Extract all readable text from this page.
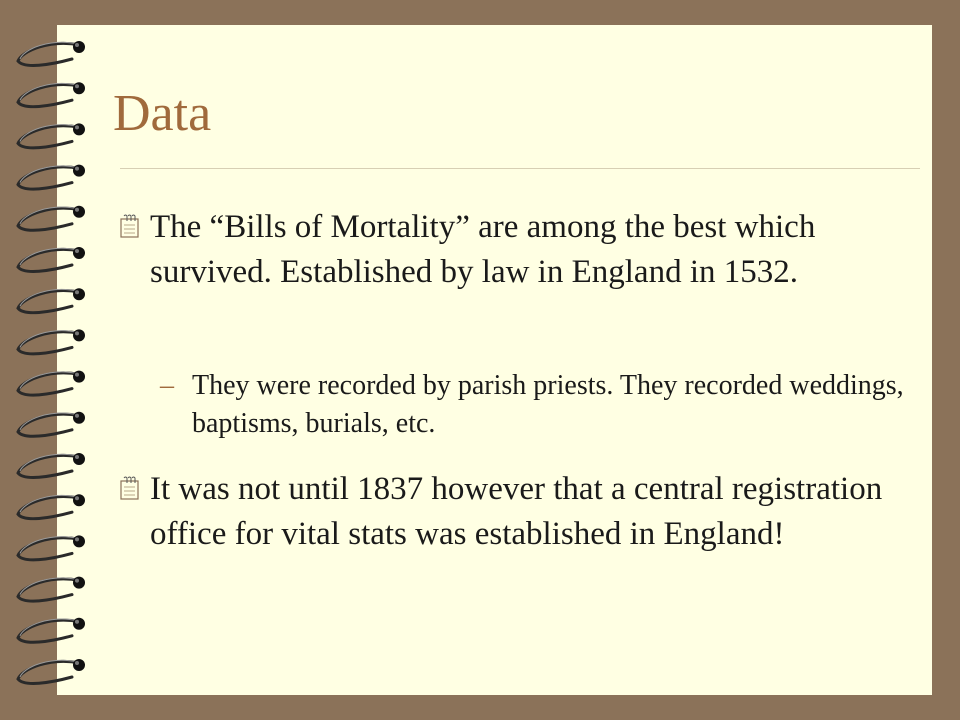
Data
The “Bills of Mortality” are among the best which survived. Established by law in England in 1532.
– They were recorded by parish priests. They recorded weddings, baptisms, burials, etc.
It was not until 1837 however that a central registration office for vital stats was established in England!
